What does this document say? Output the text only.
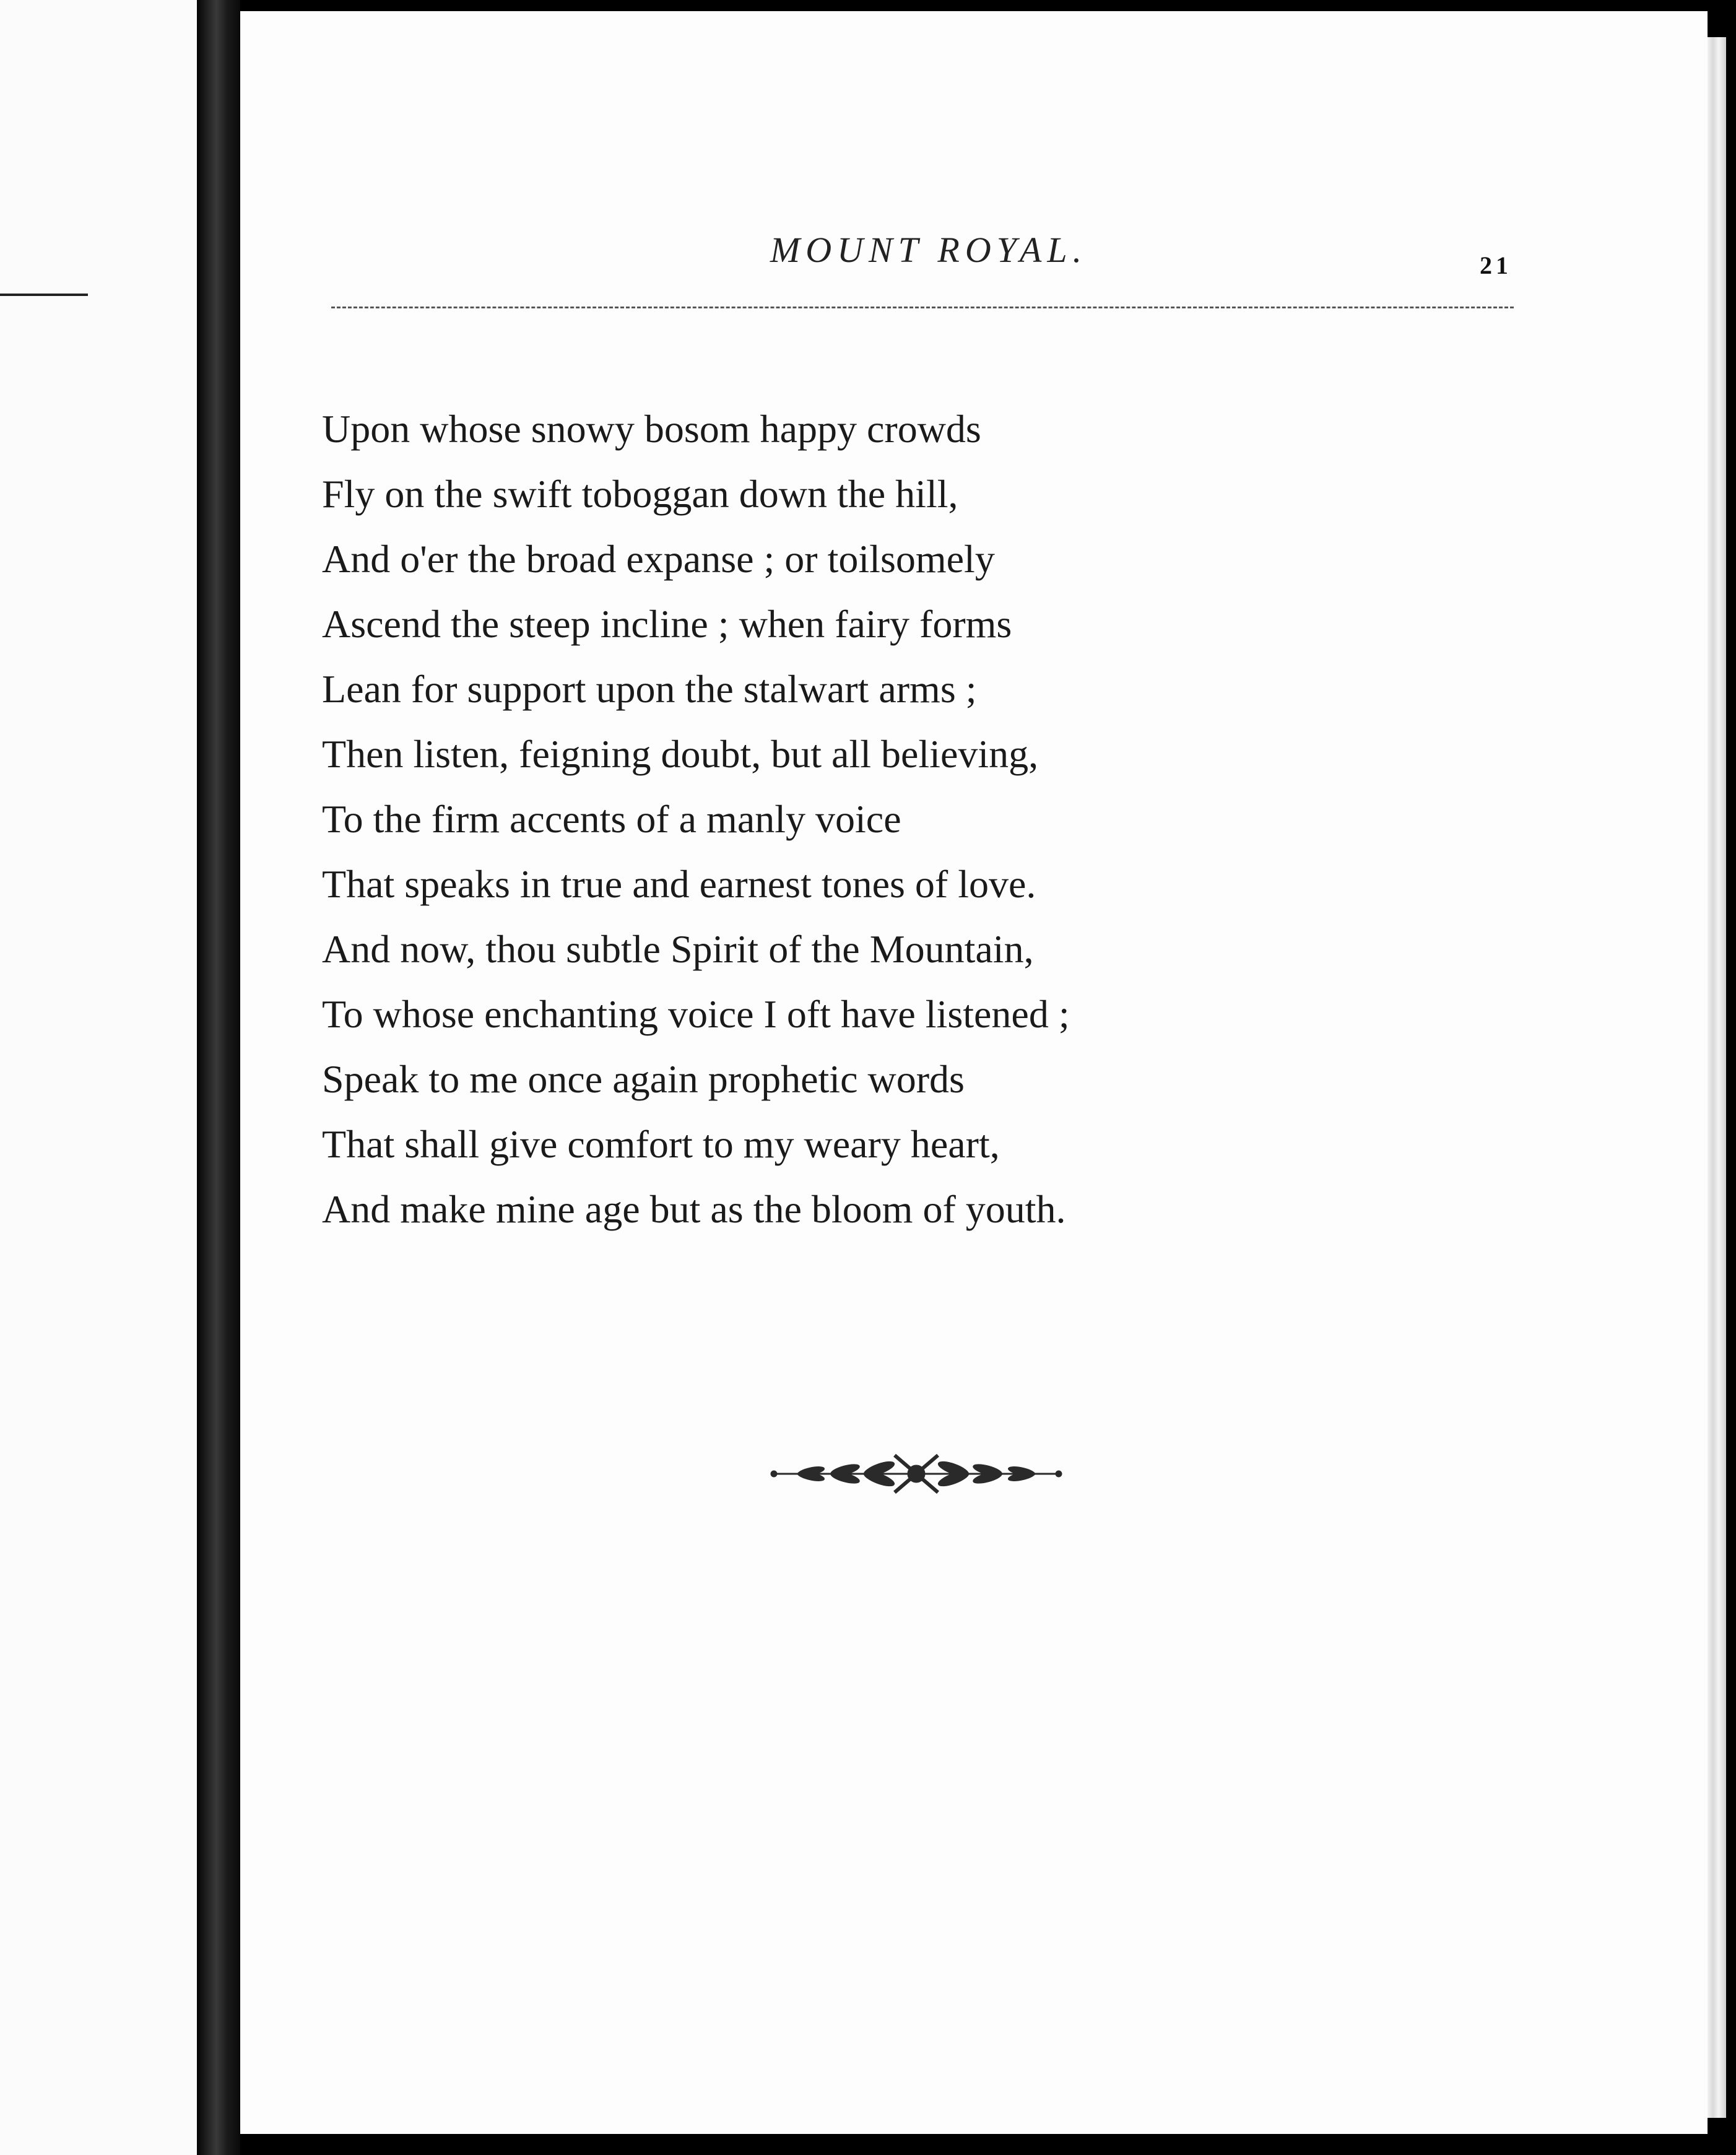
MOUNT ROYAL.	21
Upon whose snowy bosom happy crowds
Fly on the swift toboggan down the hill,
And o'er the broad expanse ; or toilsomely
Ascend the steep incline ; when fairy forms
Lean for support upon the stalwart arms ;
Then listen, feigning doubt, but all believing,
To the firm accents of a manly voice
That speaks in true and earnest tones of love.
And now, thou subtle Spirit of the Mountain,
To whose enchanting voice I oft have listened ;
Speak to me once again prophetic words
That shall give comfort to my weary heart,
And make mine age but as the bloom of youth.
